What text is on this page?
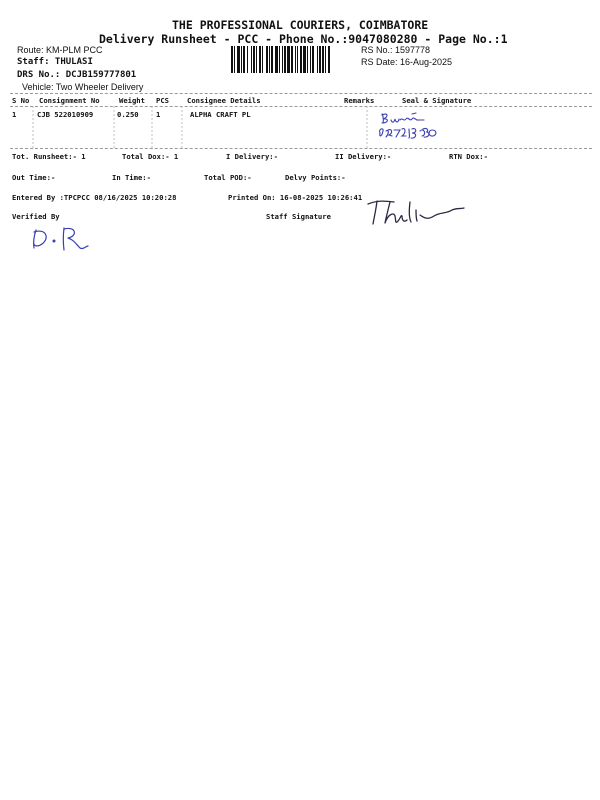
THE PROFESSIONAL COURIERS, COIMBATORE
Delivery Runsheet - PCC - Phone No.:9047080280 - Page No.:1
Route: KM-PLM PCC
Staff: THULASI
DRS No.: DCJB159777801
Vehicle: Two Wheeler Delivery
RS No.: 1597778
RS Date: 16-Aug-2025
S No Consignment No	Weight PCS	Consignee Details	Remarks	Seal & Signature
1	CJB 522010909	0.250 1	ALPHA CRAFT PL
Tot. Runsheet:- 1	Total Dox:- 1	I Delivery:-	II Delivery:-	RTN Dox:-
Out Time:-	In Time:-	Total POD:-	Delvy Points:-
Entered By :TPCPCC 08/16/2025 10:20:28	Printed On: 16-08-2025 10:26:41
Verified By	Staff Signature
